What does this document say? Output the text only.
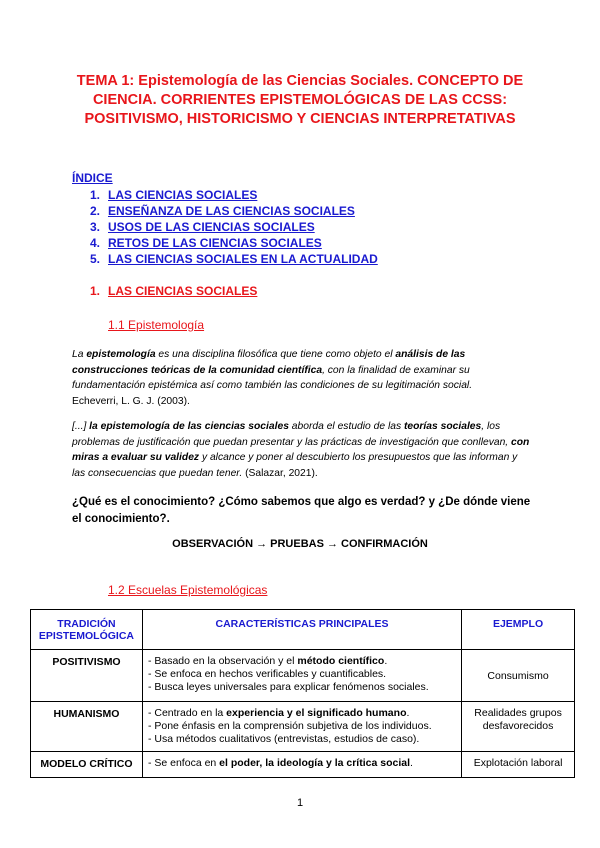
TEMA 1: Epistemología de las Ciencias Sociales. CONCEPTO DE CIENCIA. CORRIENTES EPISTEMOLÓGICAS DE LAS CCSS: POSITIVISMO, HISTORICISMO Y CIENCIAS INTERPRETATIVAS
ÍNDICE
1. LAS CIENCIAS SOCIALES
2. ENSEÑANZA DE LAS CIENCIAS SOCIALES
3. USOS DE LAS CIENCIAS SOCIALES
4. RETOS DE LAS CIENCIAS SOCIALES
5. LAS CIENCIAS SOCIALES EN LA ACTUALIDAD
1. LAS CIENCIAS SOCIALES
1.1 Epistemología
La epistemología es una disciplina filosófica que tiene como objeto el análisis de las construcciones teóricas de la comunidad científica, con la finalidad de examinar su fundamentación epistémica así como también las condiciones de su legitimación social.
Echeverri, L. G. J. (2003).
[...] la epistemología de las ciencias sociales aborda el estudio de las teorías sociales, los problemas de justificación que puedan presentar y las prácticas de investigación que conllevan, con miras a evaluar su validez y alcance y poner al descubierto los presupuestos que las informan y las consecuencias que puedan tener. (Salazar, 2021).
¿Qué es el conocimiento? ¿Cómo sabemos que algo es verdad? y ¿De dónde viene el conocimiento?.
OBSERVACIÓN → PRUEBAS → CONFIRMACIÓN
1.2 Escuelas Epistemológicas
TRADICIÓN EPISTEMOLÓGICA	CARACTERÍSTICAS PRINCIPALES	EJEMPLO
POSITIVISMO	- Basado en la observación y el método científico.
- Se enfoca en hechos verificables y cuantificables.
- Busca leyes universales para explicar fenómenos sociales.	Consumismo
HUMANISMO	- Centrado en la experiencia y el significado humano.
- Pone énfasis en la comprensión subjetiva de los individuos.
- Usa métodos cualitativos (entrevistas, estudios de caso).	Realidades grupos desfavorecidos
MODELO CRÍTICO	- Se enfoca en el poder, la ideología y la crítica social.	Explotación laboral
1
